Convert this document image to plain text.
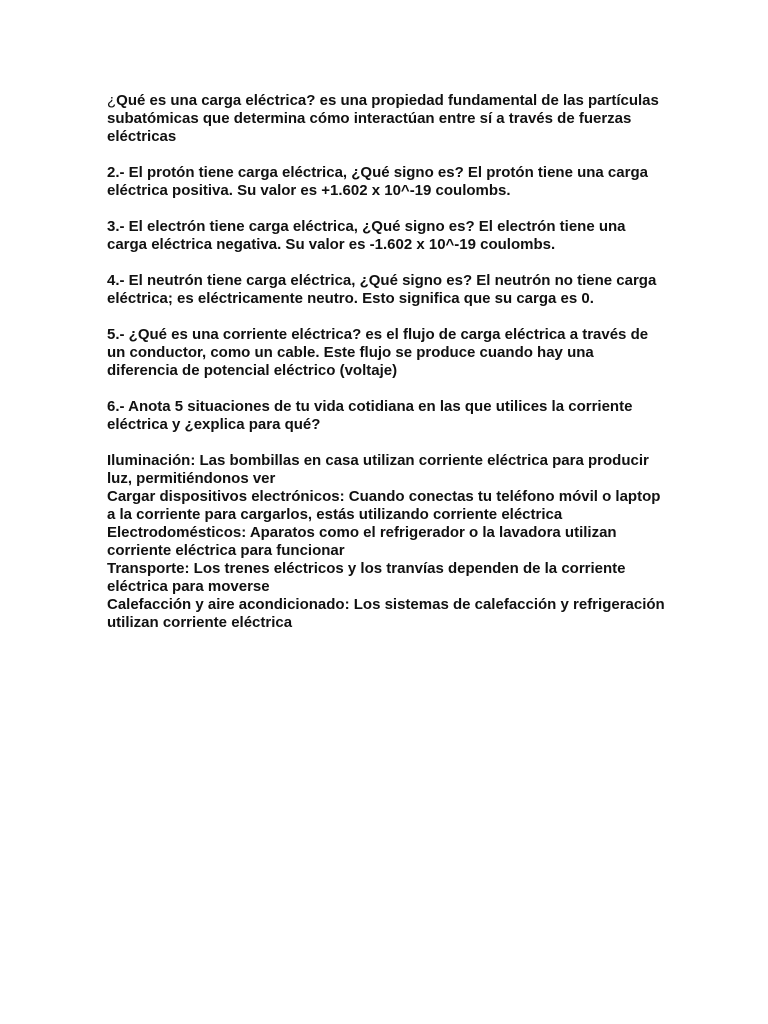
¿Qué es una carga eléctrica? es una propiedad fundamental de las partículas subatómicas que determina cómo interactúan entre sí a través de fuerzas eléctricas

2.- El protón tiene carga eléctrica, ¿Qué signo es? El protón tiene una carga eléctrica positiva. Su valor es +1.602 x 10^-19 coulombs.

3.- El electrón tiene carga eléctrica, ¿Qué signo es? El electrón tiene una carga eléctrica negativa. Su valor es -1.602 x 10^-19 coulombs.

4.- El neutrón tiene carga eléctrica, ¿Qué signo es? El neutrón no tiene carga eléctrica; es eléctricamente neutro. Esto significa que su carga es 0.

5.- ¿Qué es una corriente eléctrica? es el flujo de carga eléctrica a través de un conductor, como un cable. Este flujo se produce cuando hay una diferencia de potencial eléctrico (voltaje)

6.- Anota 5 situaciones de tu vida cotidiana en las que utilices la corriente eléctrica y ¿explica para qué?

Iluminación: Las bombillas en casa utilizan corriente eléctrica para producir luz, permitiéndonos ver

Cargar dispositivos electrónicos: Cuando conectas tu teléfono móvil o laptop a la corriente para cargarlos, estás utilizando corriente eléctrica

Electrodomésticos: Aparatos como el refrigerador o la lavadora utilizan corriente eléctrica para funcionar

Transporte: Los trenes eléctricos y los tranvías dependen de la corriente eléctrica para moverse

Calefacción y aire acondicionado: Los sistemas de calefacción y refrigeración utilizan corriente eléctrica
